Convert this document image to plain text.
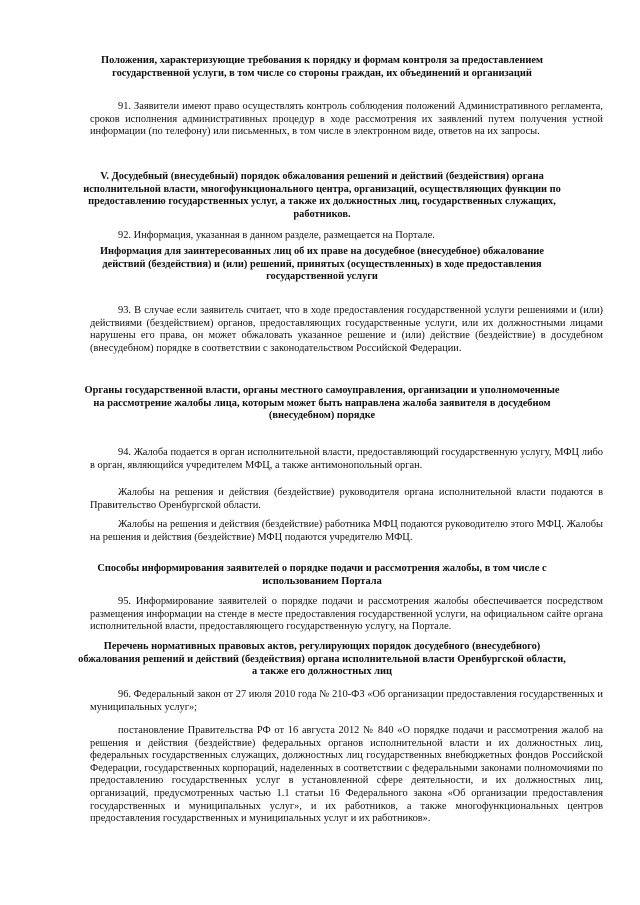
Положения, характеризующие требования к порядку и формам контроля за предоставлением государственной услуги, в том числе со стороны граждан, их объединений и организаций
91. Заявители имеют право осуществлять контроль соблюдения положений Административного регламента, сроков исполнения административных процедур в ходе рассмотрения их заявлений путем получения устной информации (по телефону) или письменных, в том числе в электронном виде, ответов на их запросы.
V. Досудебный (внесудебный) порядок обжалования решений и действий (бездействия) органа исполнительной власти, многофункционального центра, организаций, осуществляющих функции по предоставлению государственных услуг, а также их должностных лиц, государственных служащих, работников.
92. Информация, указанная в данном разделе, размещается на Портале.
Информация для заинтересованных лиц об их праве на досудебное (внесудебное) обжалование действий (бездействия) и (или) решений, принятых (осуществленных) в ходе предоставления государственной услуги
93. В случае если заявитель считает, что в ходе предоставления государственной услуги решениями и (или) действиями (бездействием) органов, предоставляющих государственные услуги, или их должностными лицами нарушены его права, он может обжаловать указанное решение и (или) действие (бездействие) в досудебном (внесудебном) порядке в соответствии с законодательством Российской Федерации.
Органы государственной власти, органы местного самоуправления, организации и уполномоченные на рассмотрение жалобы лица, которым может быть направлена жалоба заявителя в досудебном (внесудебном) порядке
94. Жалоба подается в орган исполнительной власти, предоставляющий государственную услугу, МФЦ либо в орган, являющийся учредителем МФЦ, а также антимонопольный орган.
Жалобы на решения и действия (бездействие) руководителя органа исполнительной власти подаются в Правительство Оренбургской области.
Жалобы на решения и действия (бездействие) работника МФЦ подаются руководителю этого МФЦ. Жалобы на решения и действия (бездействие) МФЦ подаются учредителю МФЦ.
Способы информирования заявителей о порядке подачи и рассмотрения жалобы, в том числе с использованием Портала
95. Информирование заявителей о порядке подачи и рассмотрения жалобы обеспечивается посредством размещения информации на стенде в месте предоставления государственной услуги, на официальном сайте органа исполнительной власти, предоставляющего государственную услугу, на Портале.
Перечень нормативных правовых актов, регулирующих порядок досудебного (внесудебного) обжалования решений и действий (бездействия) органа исполнительной власти Оренбургской области, а также его должностных лиц
96. Федеральный закон от 27 июля 2010 года № 210-ФЗ «Об организации предоставления государственных и муниципальных услуг»;
постановление Правительства РФ от 16 августа 2012 № 840 «О порядке подачи и рассмотрения жалоб на решения и действия (бездействие) федеральных органов исполнительной власти и их должностных лиц, федеральных государственных служащих, должностных лиц государственных внебюджетных фондов Российской Федерации, государственных корпораций, наделенных в соответствии с федеральными законами полномочиями по предоставлению государственных услуг в установленной сфере деятельности, и их должностных лиц, организаций, предусмотренных частью 1.1 статьи 16 Федерального закона «Об организации предоставления государственных и муниципальных услуг», и их работников, а также многофункциональных центров предоставления государственных и муниципальных услуг и их работников».
